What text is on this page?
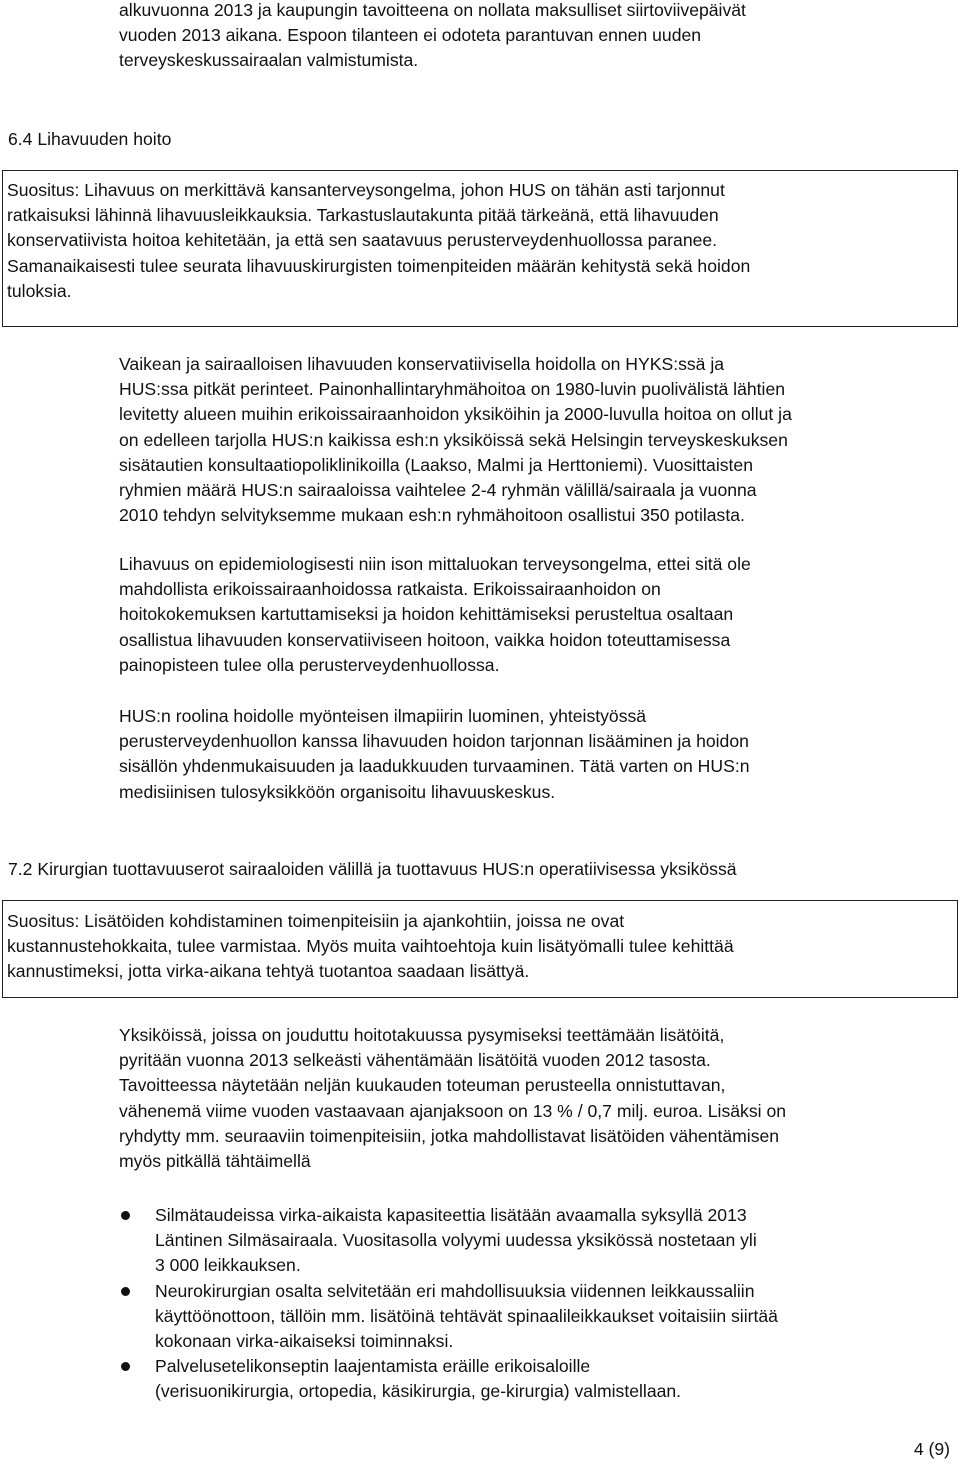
alkuvuonna 2013 ja kaupungin tavoitteena on nollata maksulliset siirtoviivepäivät
vuoden 2013 aikana. Espoon tilanteen ei odoteta parantuvan ennen uuden
terveyskeskussairaalan valmistumista.
6.4 Lihavuuden hoito
Suositus: Lihavuus on merkittävä kansanterveysongelma, johon HUS on tähän asti tarjonnut
ratkaisuksi lähinnä lihavuusleikkauksia. Tarkastuslautakunta pitää tärkeänä, että lihavuuden
konservatiivista hoitoa kehitetään, ja että sen saatavuus perusterveydenhuollossa paranee.
Samanaikaisesti tulee seurata lihavuuskirurgisten toimenpiteiden määrän kehitystä sekä hoidon
tuloksia.
Vaikean ja sairaalloisen lihavuuden konservatiivisella hoidolla on HYKS:ssä ja
HUS:ssa pitkät perinteet. Painonhallintaryhmähoitoa on 1980-luvin puolivälistä lähtien
levitetty alueen muihin erikoissairaanhoidon yksiköihin ja 2000-luvulla hoitoa on ollut ja
on edelleen tarjolla HUS:n kaikissa esh:n yksiköissä sekä Helsingin terveyskeskuksen
sisätautien konsultaatiopoliklinikoilla (Laakso, Malmi ja Herttoniemi). Vuosittaisten
ryhmien määrä HUS:n sairaaloissa vaihtelee 2-4 ryhmän välillä/sairaala ja vuonna
2010 tehdyn selvityksemme mukaan esh:n ryhmähoitoon osallistui 350 potilasta.
Lihavuus on epidemiologisesti niin ison mittaluokan terveysongelma, ettei sitä ole
mahdollista erikoissairaanhoidossa ratkaista. Erikoissairaanhoidon on
hoitokokemuksen kartuttamiseksi ja hoidon kehittämiseksi perusteltua osaltaan
osallistua lihavuuden konservatiiviseen hoitoon, vaikka hoidon toteuttamisessa
painopisteen tulee olla perusterveydenhuollossa.
HUS:n roolina hoidolle myönteisen ilmapiirin luominen, yhteistyössä
perusterveydenhuollon kanssa lihavuuden hoidon tarjonnan lisääminen ja hoidon
sisällön yhdenmukaisuuden ja laadukkuuden turvaaminen. Tätä varten on HUS:n
medisiinisen tulosyksikköön organisoitu lihavuuskeskus.
7.2 Kirurgian tuottavuuserot sairaaloiden välillä ja tuottavuus HUS:n operatiivisessa yksikössä
Suositus: Lisätöiden kohdistaminen toimenpiteisiin ja ajankohtiin, joissa ne ovat
kustannustehokkaita, tulee varmistaa. Myös muita vaihtoehtoja kuin lisätyömalli tulee kehittää
kannustimeksi, jotta virka-aikana tehtyä tuotantoa saadaan lisättyä.
Yksiköissä, joissa on jouduttu hoitotakuussa pysymiseksi teettämään lisätöitä,
pyritään vuonna 2013 selkeästi vähentämään lisätöitä vuoden 2012 tasosta.
Tavoitteessa näytetään neljän kuukauden toteuman perusteella onnistuttavan,
vähenemä viime vuoden vastaavaan ajanjaksoon on 13 % / 0,7 milj. euroa. Lisäksi on
ryhdytty mm. seuraaviin toimenpiteisiin, jotka mahdollistavat lisätöiden vähentämisen
myös pitkällä tähtäimellä
Silmätaudeissa virka-aikaista kapasiteettia lisätään avaamalla syksyllä 2013
Läntinen Silmäsairaala. Vuositasolla volyymi uudessa yksikössä nostetaan yli
3 000 leikkauksen.
Neurokirurgian osalta selvitetään eri mahdollisuuksia viidennen leikkaussaliin
käyttöönottoon, tällöin mm. lisätöinä tehtävät spinaalileikkaukset voitaisiin siirtää
kokonaan virka-aikaiseksi toiminnaksi.
Palvelusetelikonseptin laajentamista eräille erikoisaloille
(verisuonikirurgia, ortopedia, käsikirurgia, ge-kirurgia) valmistellaan.
4 (9)
